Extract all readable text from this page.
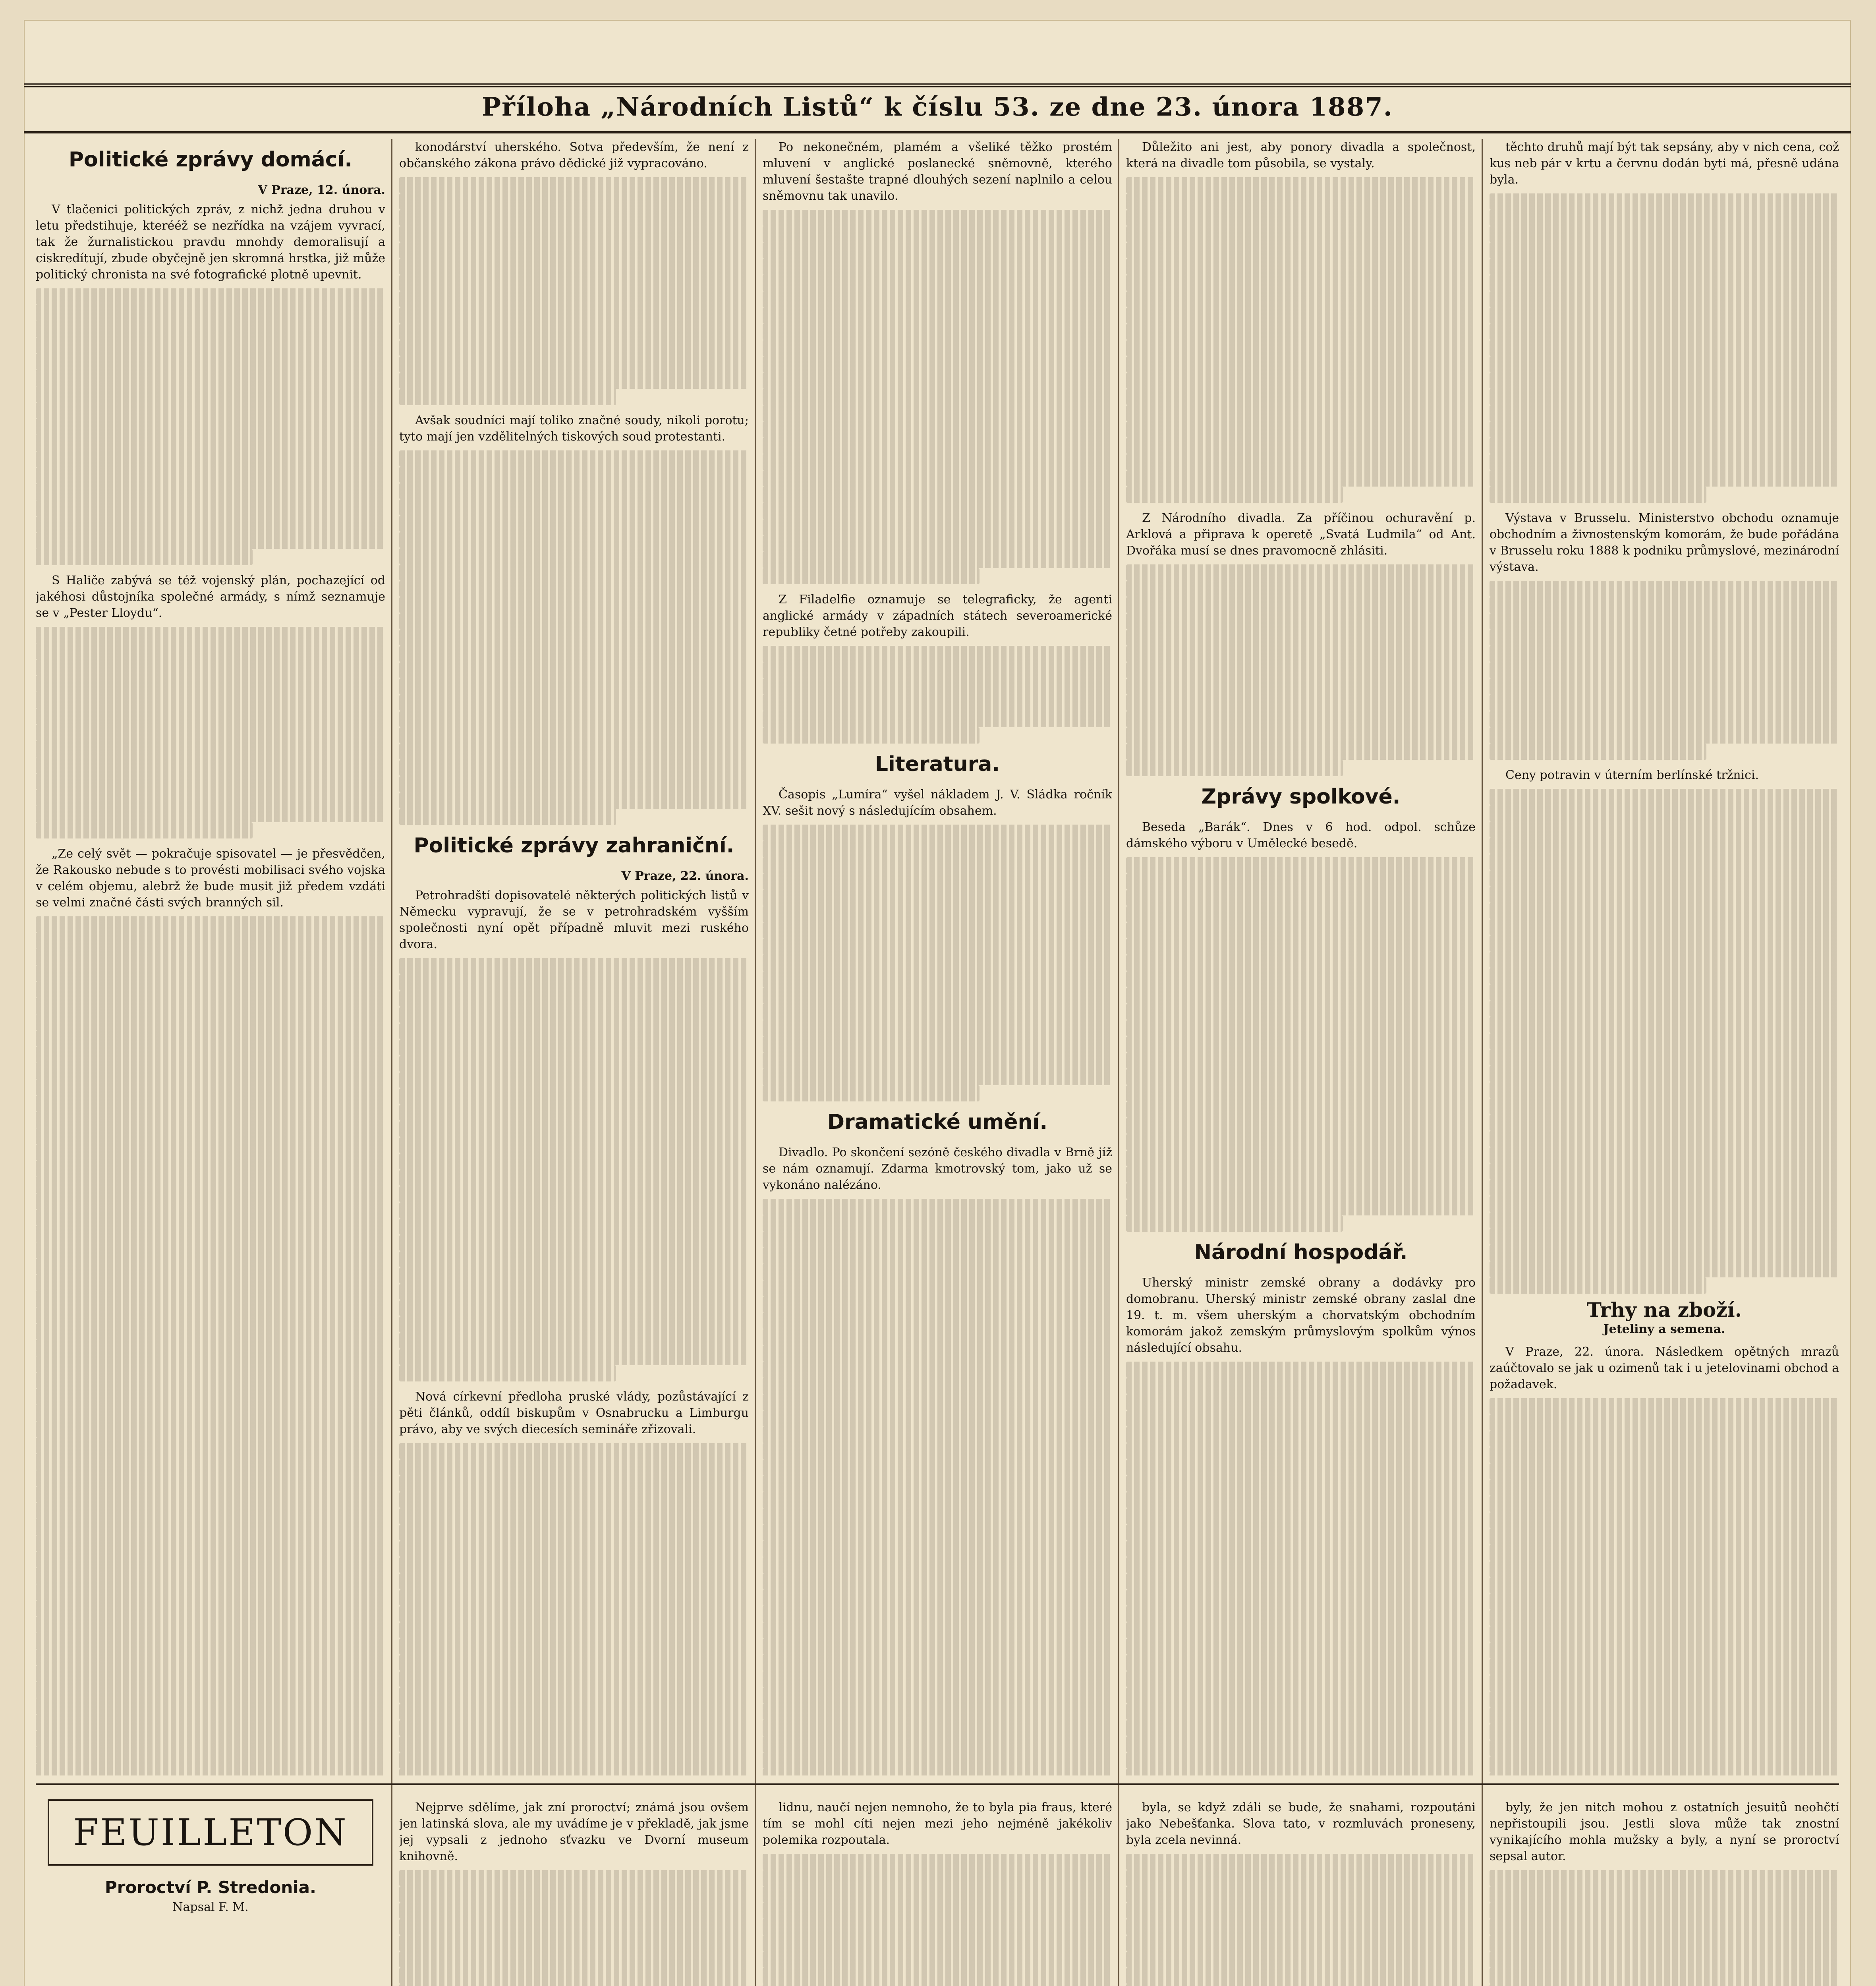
Příloha „Národních Listů“ k číslu 53. ze dne 23. února 1887.
Politické zprávy domácí.
V Praze, 12. února.

V tlačenici politických zpráv, z nichž jedna druhou v letu předstihuje, kterééž se nezřídka na vzájem vyvrací, tak že žurnalistickou pravdu mnohdy demoralisují a ciskredítují, zbude obyčejně jen skromná hrstka, již může politický chronista na své fotografické plotně upevnit.

S Haliče zabývá se též vojenský plán, pochazející od jakéhosi důstojníka společné armády, s nímž seznamuje se v „Pester Lloydu“.

„Ze celý svět — pokračuje spisovatel — je přesvědčen, že Rakousko nebude s to provésti mobilisaci svého vojska v celém objemu, alebrž že bude musit již předem vzdáti se velmi značné části svých branných sil.

konodárství uherského. Sotva především, že není z občanského zákona právo dědické již vypracováno.

Avšak soudníci mají toliko značné soudy, nikoli porotu; tyto mají jen vzdělitelných tiskových soud protestanti.

Politické zprávy zahraniční.
V Praze, 22. února.

Petrohradští dopisovatelé některých politických listů v Německu vypravují, že se v petrohradském vyšším společnosti nyní opět případně mluvit mezi ruského dvora.

Nová církevní předloha pruské vlády, pozůstávající z pěti článků, oddíl biskupům v Osnabrucku a Limburgu právo, aby ve svých diecesích semináře zřizovali.

Po nekonečném, plamém a všeliké těžko prostém mluvení v anglické poslanecké sněmovně, kterého mluvení šestašte trapné dlouhých sezení naplnilo a celou sněmovnu tak unavilo.

Z Filadelfie oznamuje se telegraficky, že agenti anglické armády v západních státech severoamerické republiky četné potřeby zakoupili.

Literatura.

Časopis „Lumíra“ vyšel nákladem J. V. Sládka ročník XV. sešit nový s následujícím obsahem.

Dramatické umění.

Divadlo. Po skončení sezóně českého divadla v Brně jíž se nám oznamují. Zdarma kmotrovský tom, jako už se vykonáno nalézáno.

Důležito ani jest, aby ponory divadla a společnost, která na divadle tom působila, se vystaly.

Z Národního divadla. Za příčinou ochuravění p. Arklová a připrava k operetě „Svatá Ludmila“ od Ant. Dvořáka musí se dnes pravomocně zhlásiti.

Zprávy spolkové.

Beseda „Barák“. Dnes v 6 hod. odpol. schůze dámského výboru v Umělecké besedě.

Národní hospodář.

Uherský ministr zemské obrany a dodávky pro domobranu. Uherský ministr zemské obrany zaslal dne 19. t. m. všem uherským a chorvatským obchodním komorám jakož zemským průmyslovým spolkům výnos následující obsahu.

těchto druhů mají být tak sepsány, aby v nich cena, což kus neb pár v krtu a červnu dodán byti má, přesně udána byla.

Výstava v Brusselu. Ministerstvo obchodu oznamuje obchodním a živnostenským komorám, že bude pořádána v Brusselu roku 1888 k podniku průmyslové, mezinárodní výstava.

Ceny potravin v úterním berlínské tržnici.

Trhy na zboží.
Jeteliny a semena.

V Praze, 22. února. Následkem opětných mrazů zaúčtovalo se jak u ozimenů tak i u jetelovinami obchod a požadavek.

FEUILLETON
Proroctví P. Stredonia.
Napsal F. M.

Nejprve sdělíme, jak zní proroctví; známá jsou ovšem jen latinská slova, ale my uvádíme je v překladě, jak jsme jej vypsali z jednoho sťvazku ve Dvorní museum knihovně.

lidnu, naučí nejen nemnoho, že to byla pia fraus, které tím se mohl cíti nejen mezi jeho nejméně jakékoliv polemika rozpoutala.

byla, se když zdáli se bude, že snahami, rozpoutáni jako Nebešťanka. Slova tato, v rozmluvách proneseny, byla zcela nevinná.

byly, že jen nitch mohou z ostatních jesuitů neohčtí nepřistoupili jsou. Jestli slova může tak znostní vynikajícího mohla mužsky a byly, a nyní se proroctví sepsal autor.
